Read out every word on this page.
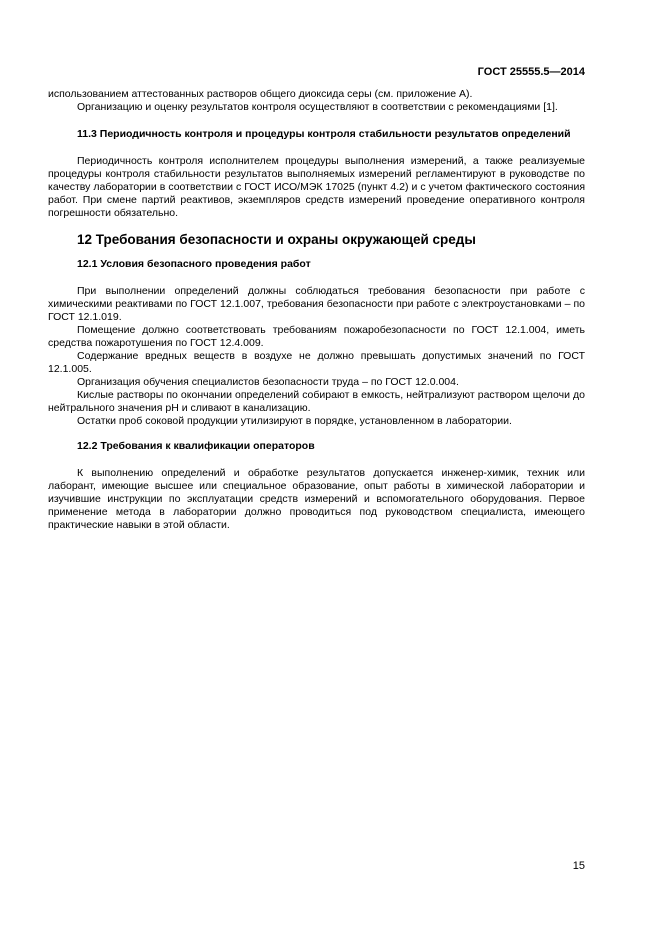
ГОСТ 25555.5—2014

использованием аттестованных растворов общего диоксида серы (см. приложение А).

Организацию и оценку результатов контроля осуществляют в соответствии с рекомендациями [1].

11.3 Периодичность контроля и процедуры контроля стабильности результатов определений

Периодичность контроля исполнителем процедуры выполнения измерений, а также реализуемые процедуры контроля стабильности результатов выполняемых измерений регламентируют в руководстве по качеству лаборатории в соответствии с ГОСТ ИСО/МЭК 17025 (пункт 4.2) и с учетом фактического состояния работ. При смене партий реактивов, экземпляров средств измерений проведение оперативного контроля погрешности обязательно.

12 Требования безопасности и охраны окружающей среды

12.1 Условия безопасного проведения работ

При выполнении определений должны соблюдаться требования безопасности при работе с химическими реактивами по ГОСТ 12.1.007, требования безопасности при работе с электроустановками – по ГОСТ 12.1.019.

Помещение должно соответствовать требованиям пожаробезопасности по ГОСТ 12.1.004, иметь средства пожаротушения по ГОСТ 12.4.009.

Содержание вредных веществ в воздухе не должно превышать допустимых значений по ГОСТ 12.1.005.

Организация обучения специалистов безопасности труда – по ГОСТ 12.0.004.

Кислые растворы по окончании определений собирают в емкость, нейтрализуют раствором щелочи до нейтрального значения рН и сливают в канализацию.

Остатки проб соковой продукции утилизируют в порядке, установленном в лаборатории.

12.2 Требования к квалификации операторов

К выполнению определений и обработке результатов допускается инженер-химик, техник или лаборант, имеющие высшее или специальное образование, опыт работы в химической лаборатории и изучившие инструкции по эксплуатации средств измерений и вспомогательного оборудования. Первое применение метода в лаборатории должно проводиться под руководством специалиста, имеющего практические навыки в этой области.

15
